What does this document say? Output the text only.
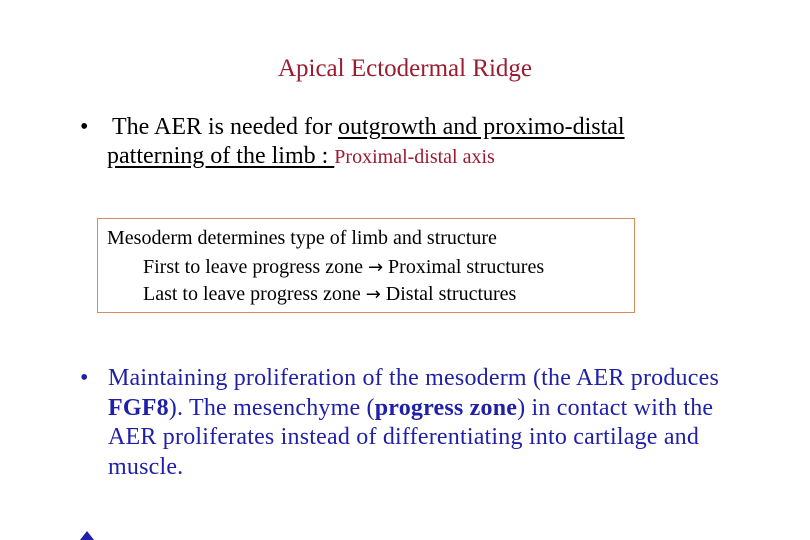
Apical Ectodermal Ridge
• The AER is needed for outgrowth and proximo-distal
patterning of the limb : Proximal-distal axis
Mesoderm determines type of limb and structure
First to leave progress zone → Proximal structures
Last to leave progress zone → Distal structures
• Maintaining proliferation of the mesoderm (the AER produces FGF8). The mesenchyme (progress zone) in contact with the AER proliferates instead of differentiating into cartilage and muscle.
